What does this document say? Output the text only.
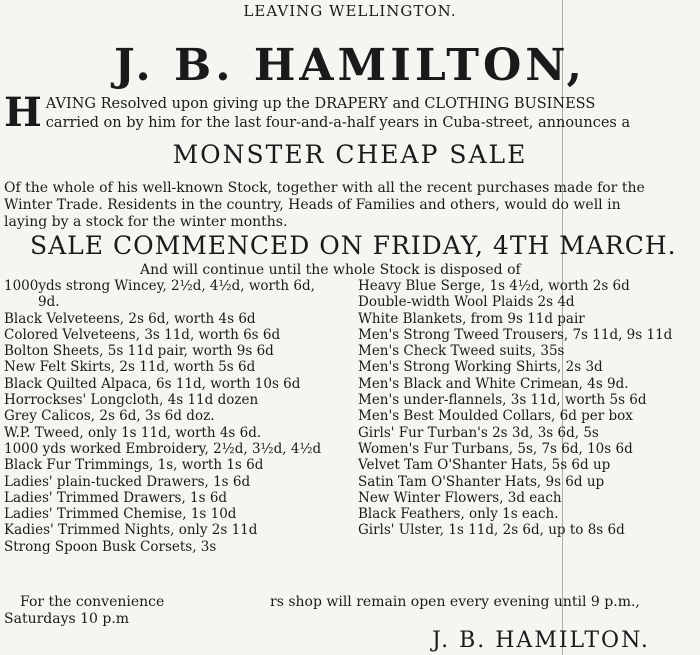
LEAVING WELLINGTON.
J. B. HAMILTON,
H AVING Resolved upon giving up the DRAPERY and CLOTHING BUSINESS
carried on by him for the last four-and-a-half years in Cuba-street, announces a
MONSTER CHEAP SALE
Of the whole of his well-known Stock, together with all the recent purchases made for the
Winter Trade. Residents in the country, Heads of Families and others, would do well in
laying by a stock for the winter months.
SALE COMMENCED ON FRIDAY, 4TH MARCH.
And will continue until the whole Stock is disposed of
1000yds strong Wincey, 2½d, 4½d, worth 6d,
9d.
Black Velveteens, 2s 6d, worth 4s 6d
Colored Velveteens, 3s 11d, worth 6s 6d
Bolton Sheets, 5s 11d pair, worth 9s 6d
New Felt Skirts, 2s 11d, worth 5s 6d
Black Quilted Alpaca, 6s 11d, worth 10s 6d
Horrockses' Longcloth, 4s 11d dozen
Grey Calicos, 2s 6d, 3s 6d doz.
W.P. Tweed, only 1s 11d, worth 4s 6d.
1000 yds worked Embroidery, 2½d, 3½d, 4½d
Black Fur Trimmings, 1s, worth 1s 6d
Ladies' plain-tucked Drawers, 1s 6d
Ladies' Trimmed Drawers, 1s 6d
Ladies' Trimmed Chemise, 1s 10d
Kadies' Trimmed Nights, only 2s 11d
Strong Spoon Busk Corsets, 3s
Heavy Blue Serge, 1s 4½d, worth 2s 6d
Double-width Wool Plaids 2s 4d
White Blankets, from 9s 11d pair
Men's Strong Tweed Trousers, 7s 11d, 9s 11d
Men's Check Tweed suits, 35s
Men's Strong Working Shirts, 2s 3d
Men's Black and White Crimean, 4s 9d.
Men's under-flannels, 3s 11d, worth 5s 6d
Men's Best Moulded Collars, 6d per box
Girls' Fur Turban's 2s 3d, 3s 6d, 5s
Women's Fur Turbans, 5s, 7s 6d, 10s 6d
Velvet Tam O'Shanter Hats, 5s 6d up
Satin Tam O'Shanter Hats, 9s 6d up
New Winter Flowers, 3d each
Black Feathers, only 1s each.
Girls' Ulster, 1s 11d, 2s 6d, up to 8s 6d
For the convenience	rs shop will remain open every evening until 9 p.m.,
Saturdays 10 p.m
J. B. HAMILTON.
